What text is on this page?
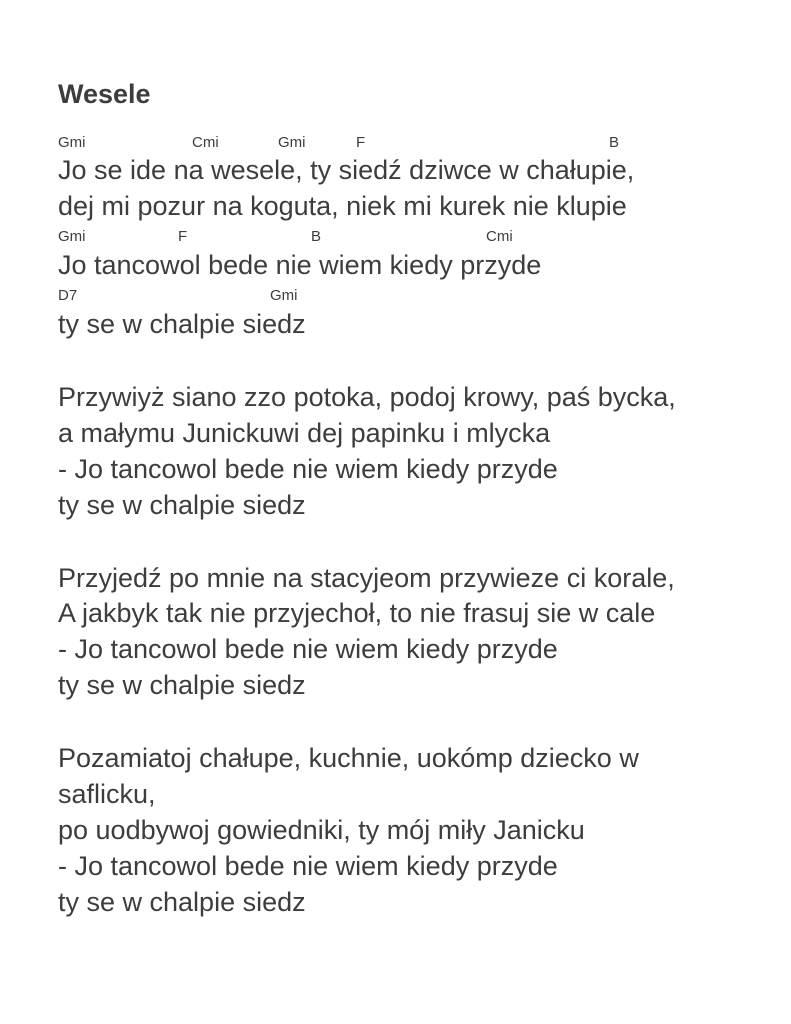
Wesele
Gmi	Cmi	Gmi	F	B
Jo se ide na wesele, ty siedź dziwce w chałupie,
dej mi pozur na koguta, niek mi kurek nie klupie
Gmi	F	B	Cmi
Jo tancowol bede nie wiem kiedy przyde
D7	Gmi
ty se w chalpie siedz
Przywiyż siano zzo potoka, podoj krowy, paś bycka,
a małymu Junickuwi dej papinku i mlycka
- Jo tancowol bede nie wiem kiedy przyde
ty se w chalpie siedz
Przyjedź po mnie na stacyjeom przywieze ci korale,
A jakbyk tak nie przyjechoł, to nie frasuj sie w cale
- Jo tancowol bede nie wiem kiedy przyde
ty se w chalpie siedz
Pozamiatoj chałupe, kuchnie, uokómp dziecko w
saflicku,
po uodbywoj gowiedniki, ty mój miły Janicku
- Jo tancowol bede nie wiem kiedy przyde
ty se w chalpie siedz
